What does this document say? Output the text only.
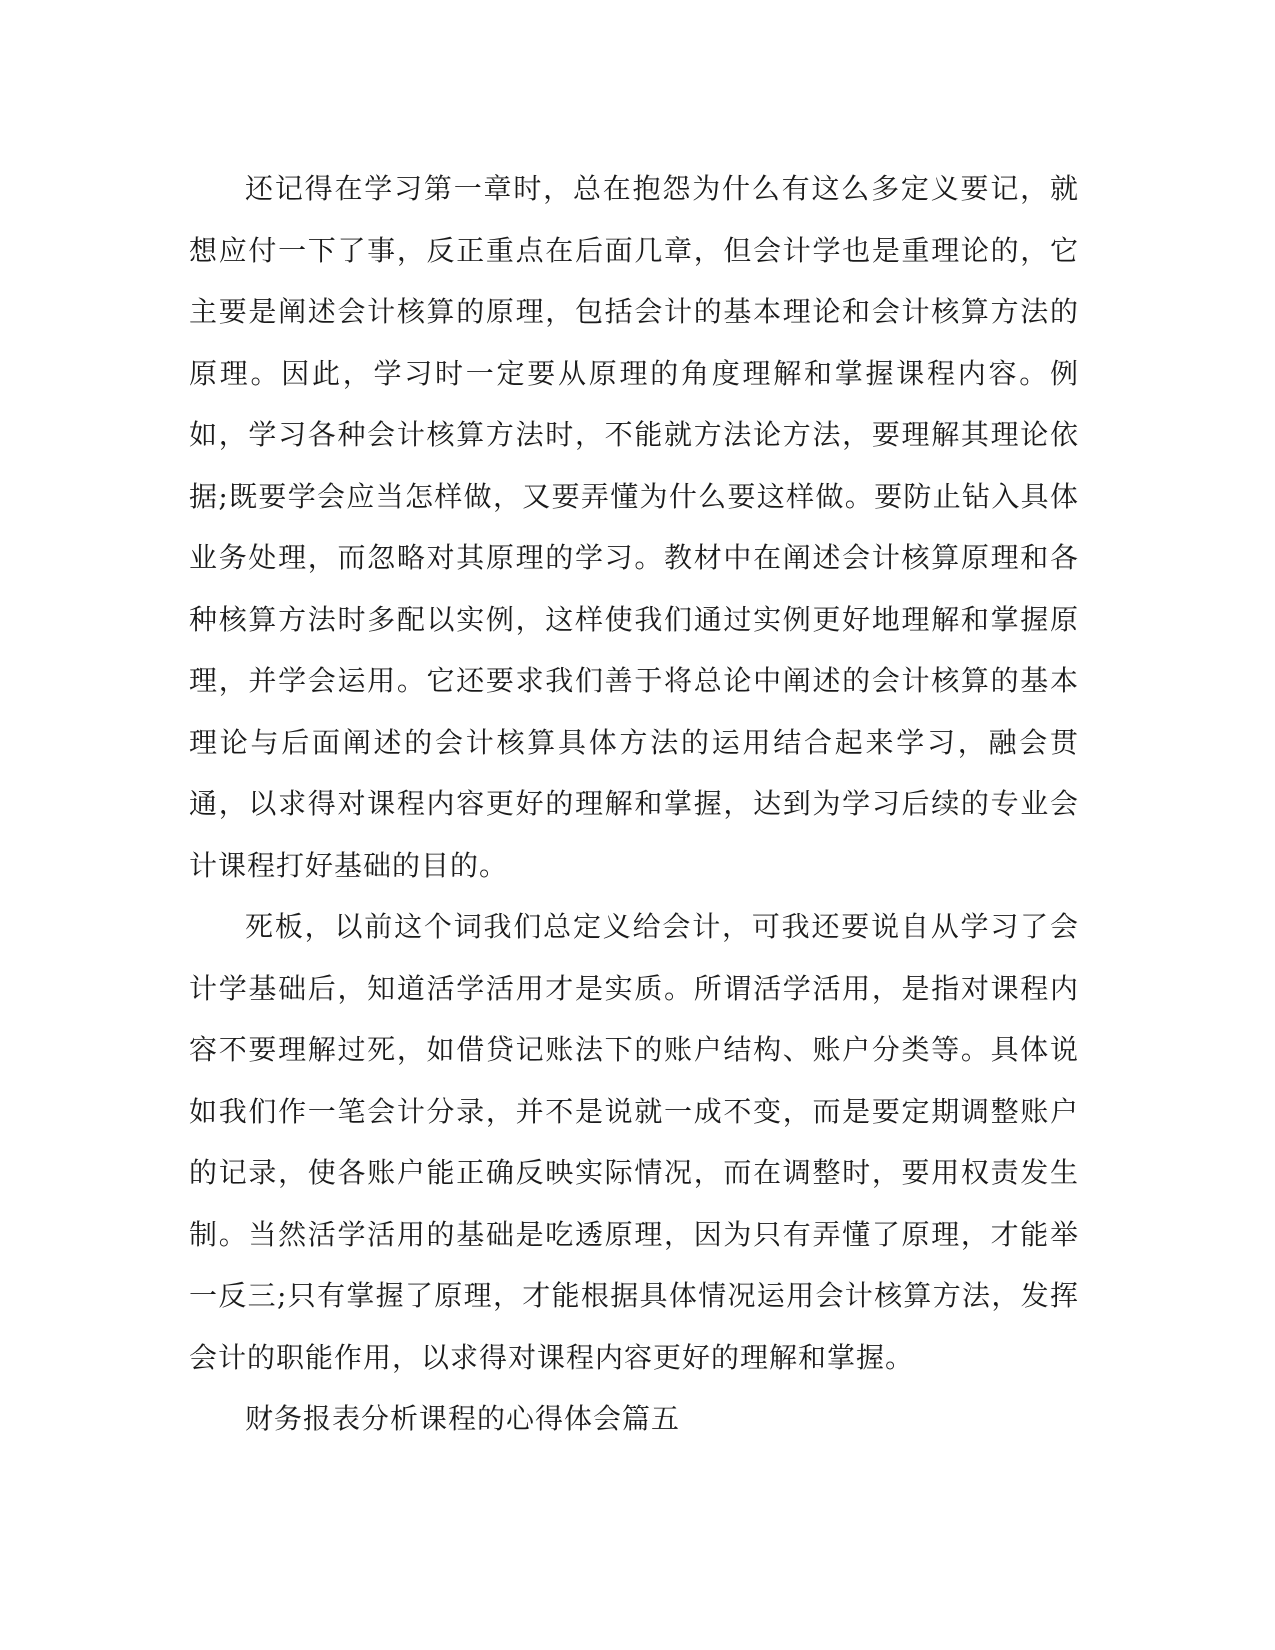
还记得在学习第一章时，总在抱怨为什么有这么多定义要记，就想应付一下了事，反正重点在后面几章，但会计学也是重理论的，它主要是阐述会计核算的原理，包括会计的基本理论和会计核算方法的原理。因此，学习时一定要从原理的角度理解和掌握课程内容。例如，学习各种会计核算方法时，不能就方法论方法，要理解其理论依据;既要学会应当怎样做，又要弄懂为什么要这样做。要防止钻入具体业务处理，而忽略对其原理的学习。教材中在阐述会计核算原理和各种核算方法时多配以实例，这样使我们通过实例更好地理解和掌握原理，并学会运用。它还要求我们善于将总论中阐述的会计核算的基本理论与后面阐述的会计核算具体方法的运用结合起来学习，融会贯通，以求得对课程内容更好的理解和掌握，达到为学习后续的专业会计课程打好基础的目的。

死板，以前这个词我们总定义给会计，可我还要说自从学习了会计学基础后，知道活学活用才是实质。所谓活学活用，是指对课程内容不要理解过死，如借贷记账法下的账户结构、账户分类等。具体说如我们作一笔会计分录，并不是说就一成不变，而是要定期调整账户的记录，使各账户能正确反映实际情况，而在调整时，要用权责发生制。当然活学活用的基础是吃透原理，因为只有弄懂了原理，才能举一反三;只有掌握了原理，才能根据具体情况运用会计核算方法，发挥会计的职能作用，以求得对课程内容更好的理解和掌握。

财务报表分析课程的心得体会篇五
